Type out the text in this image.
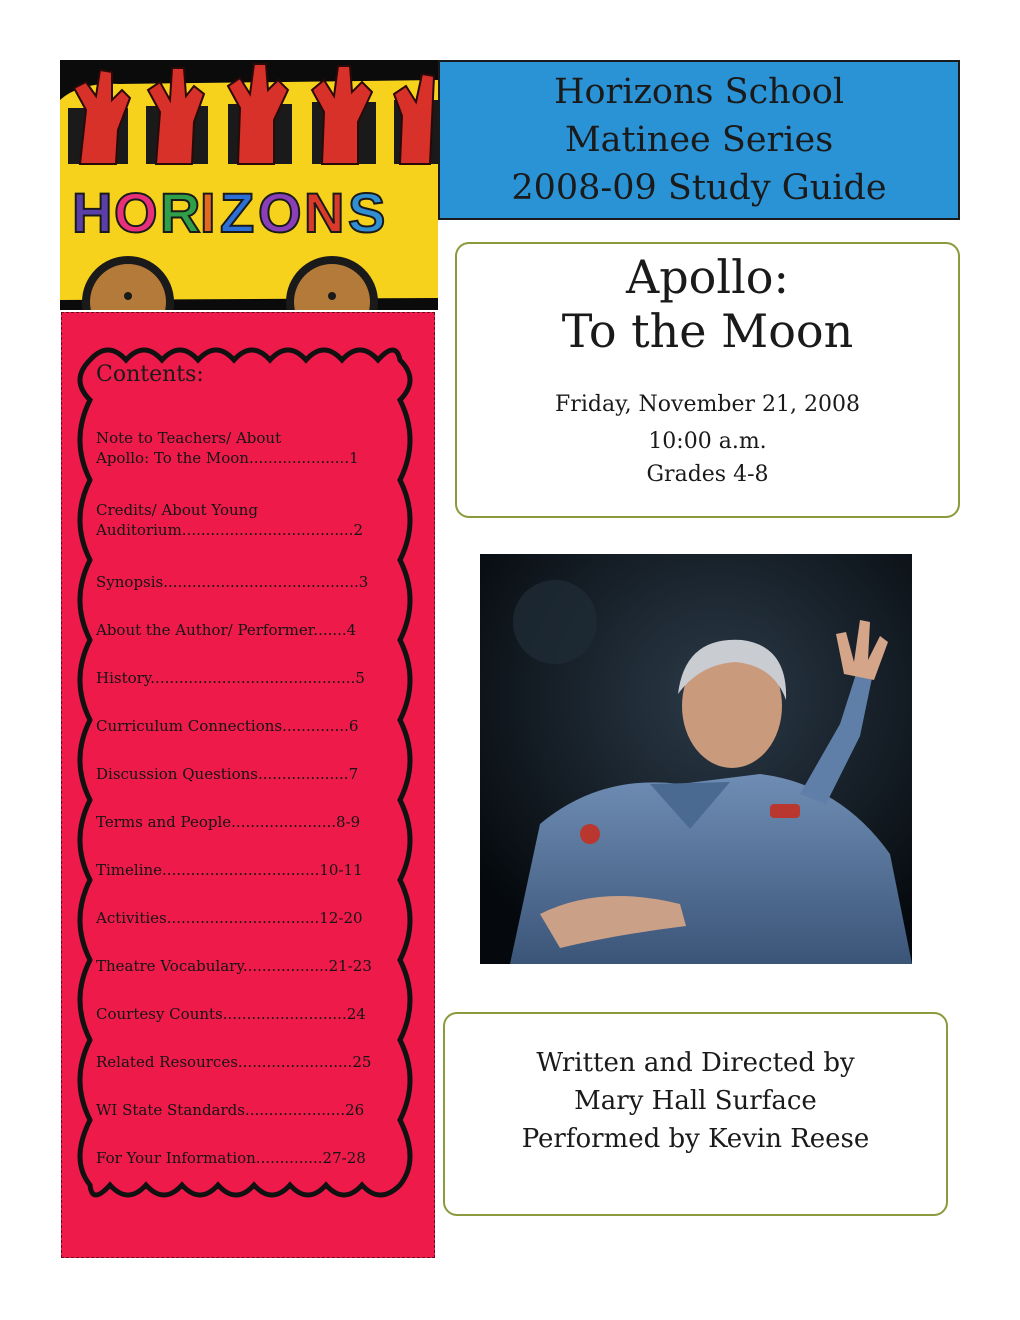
H O R I Z O N S
Horizons School
Matinee Series
2008-09 Study Guide
Apollo:
To the Moon
Friday, November 21, 2008
10:00 a.m.
Grades 4-8
Written and Directed by
Mary Hall Surface
Performed by Kevin Reese
Contents:
Note to Teachers/ About
Apollo: To the Moon.....................1
Credits/ About Young
Auditorium....................................2
Synopsis.........................................3
About the Author/ Performer.......4
History...........................................5
Curriculum Connections..............6
Discussion Questions...................7
Terms and People......................8-9
Timeline.................................10-11
Activities................................12-20
Theatre Vocabulary..................21-23
Courtesy Counts..........................24
Related Resources........................25
WI State Standards.....................26
For Your Information..............27-28
